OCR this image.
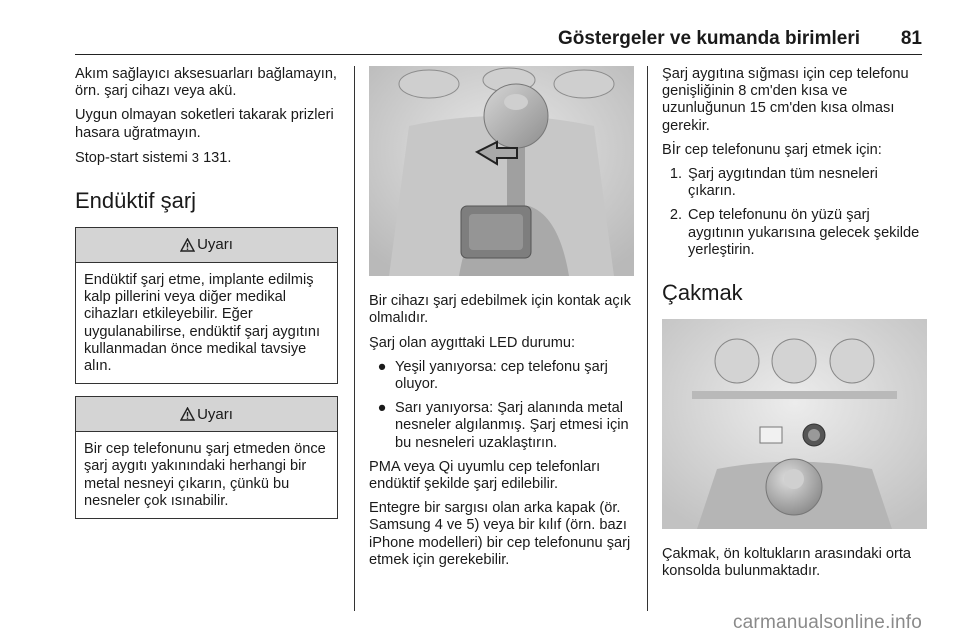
Göstergeler ve kumanda birimleri 81

Akım sağlayıcı aksesuarları bağlamayın, örn. şarj cihazı veya akü.

Uygun olmayan soketleri takarak prizleri hasara uğratmayın.

Stop-start sistemi 3 131.

Endüktif şarj
Uyarı
Endüktif şarj etme, implante edilmiş kalp pillerini veya diğer medikal cihazları etkileyebilir. Eğer uygulanabilirse, endüktif şarj aygıtını kullanmadan önce medikal tavsiye alın.
Uyarı
Bir cep telefonunu şarj etmeden önce şarj aygıtı yakınındaki herhangi bir metal nesneyi çıkarın, çünkü bu nesneler çok ısınabilir.

Bir cihazı şarj edebilmek için kontak açık olmalıdır.

Şarj olan aygıttaki LED durumu:

● Yeşil yanıyorsa: cep telefonu şarj oluyor.
● Sarı yanıyorsa: Şarj alanında metal nesneler algılanmış. Şarj etmesi için bu nesneleri uzaklaştırın.

PMA veya Qi uyumlu cep telefonları endüktif şekilde şarj edilebilir.

Entegre bir sargısı olan arka kapak (ör. Samsung 4 ve 5) veya bir kılıf (örn. bazı iPhone modelleri) bir cep telefonunu şarj etmek için gerekebilir.

Şarj aygıtına sığması için cep telefonu genişliğinin 8 cm'den kısa ve uzunluğunun 15 cm'den kısa olması gerekir.

Bİr cep telefonunu şarj etmek için:

1. Şarj aygıtından tüm nesneleri çıkarın.
2. Cep telefonunu ön yüzü şarj aygıtının yukarısına gelecek şekilde yerleştirin.
Çakmak

Çakmak, ön koltukların arasındaki orta konsolda bulunmaktadır.

carmanualsonline.info
